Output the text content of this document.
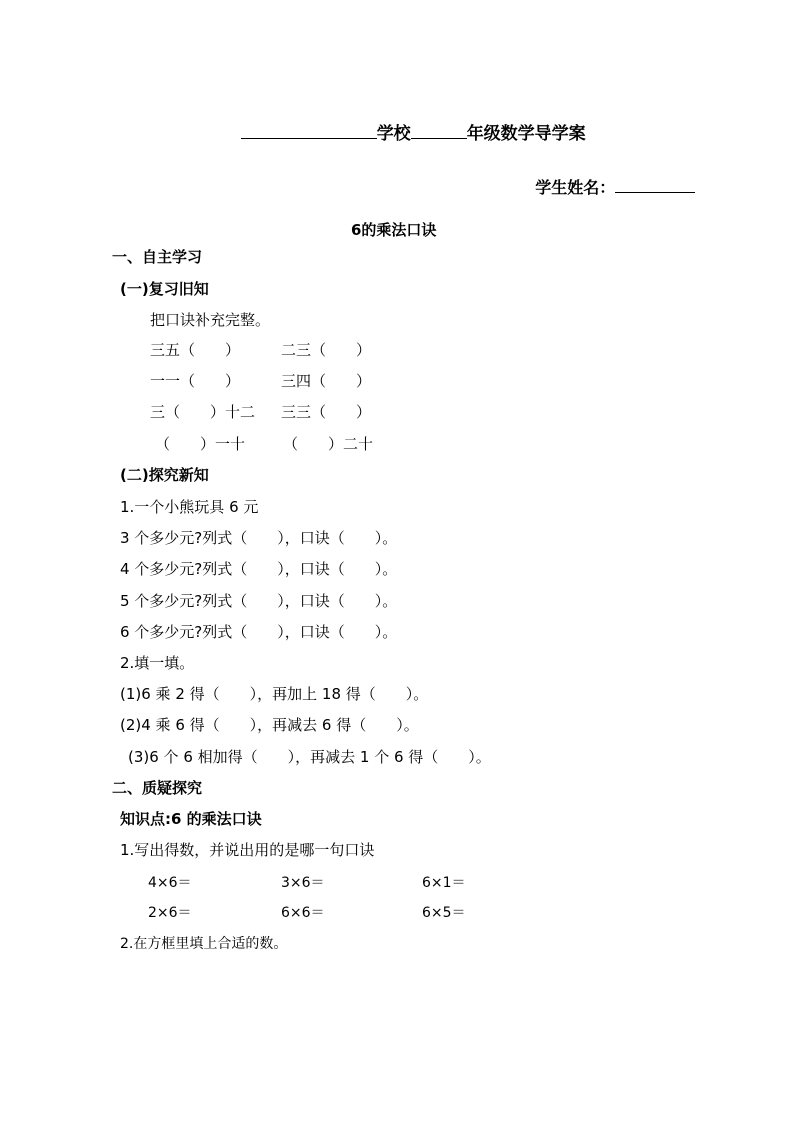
学校	年级数学导学案

学生姓名：

6的乘法口诀
一、自主学习
(一)复习旧知
把口诀补充完整。
三五（　　）	二三（　　）
一一（　　）	三四（　　）
三（　　）十二 三三（　　）
（　　）一十	（　　）二十
(二)探究新知
1.一个小熊玩具 6 元
3 个多少元?列式（　　），口诀（　　）。
4 个多少元?列式（　　），口诀（　　）。
5 个多少元?列式（　　），口诀（　　）。
6 个多少元?列式（　　），口诀（　　）。
2.填一填。
(1)6 乘 2 得（　　），再加上 18 得（　　）。
(2)4 乘 6 得（　　），再减去 6 得（　　）。
(3)6 个 6 相加得（　　），再减去 1 个 6 得（　　）。
二、质疑探究
知识点:6 的乘法口诀
1.写出得数，并说出用的是哪一句口诀
4×6＝	3×6＝	6×1＝
2×6＝	6×6＝	6×5＝
2.在方框里填上合适的数。
